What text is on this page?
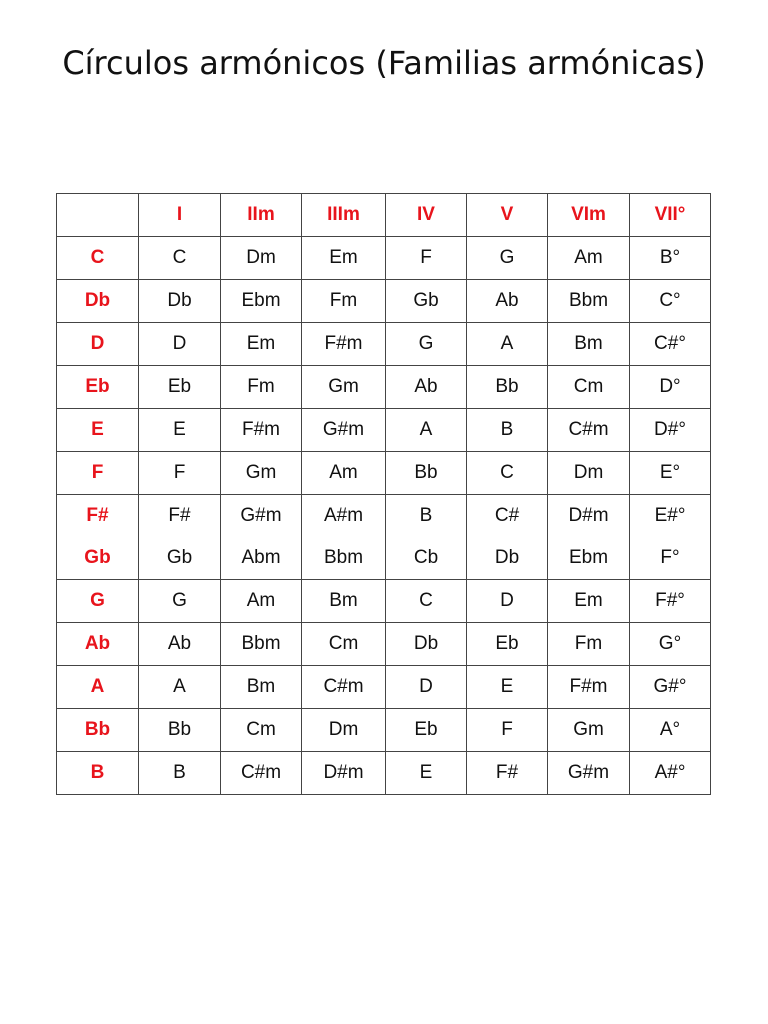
Círculos armónicos (Familias armónicas)
	I	IIm	IIIm	IV	V	VIm	VII°
C	C	Dm	Em	F	G	Am	B°
Db	Db	Ebm	Fm	Gb	Ab	Bbm	C°
D	D	Em	F#m	G	A	Bm	C#°
Eb	Eb	Fm	Gm	Ab	Bb	Cm	D°
E	E	F#m	G#m	A	B	C#m	D#°
F	F	Gm	Am	Bb	C	Dm	E°
F#	F#	G#m	A#m	B	C#	D#m	E#°
Gb	Gb	Abm	Bbm	Cb	Db	Ebm	F°
G	G	Am	Bm	C	D	Em	F#°
Ab	Ab	Bbm	Cm	Db	Eb	Fm	G°
A	A	Bm	C#m	D	E	F#m	G#°
Bb	Bb	Cm	Dm	Eb	F	Gm	A°
B	B	C#m	D#m	E	F#	G#m	A#°
